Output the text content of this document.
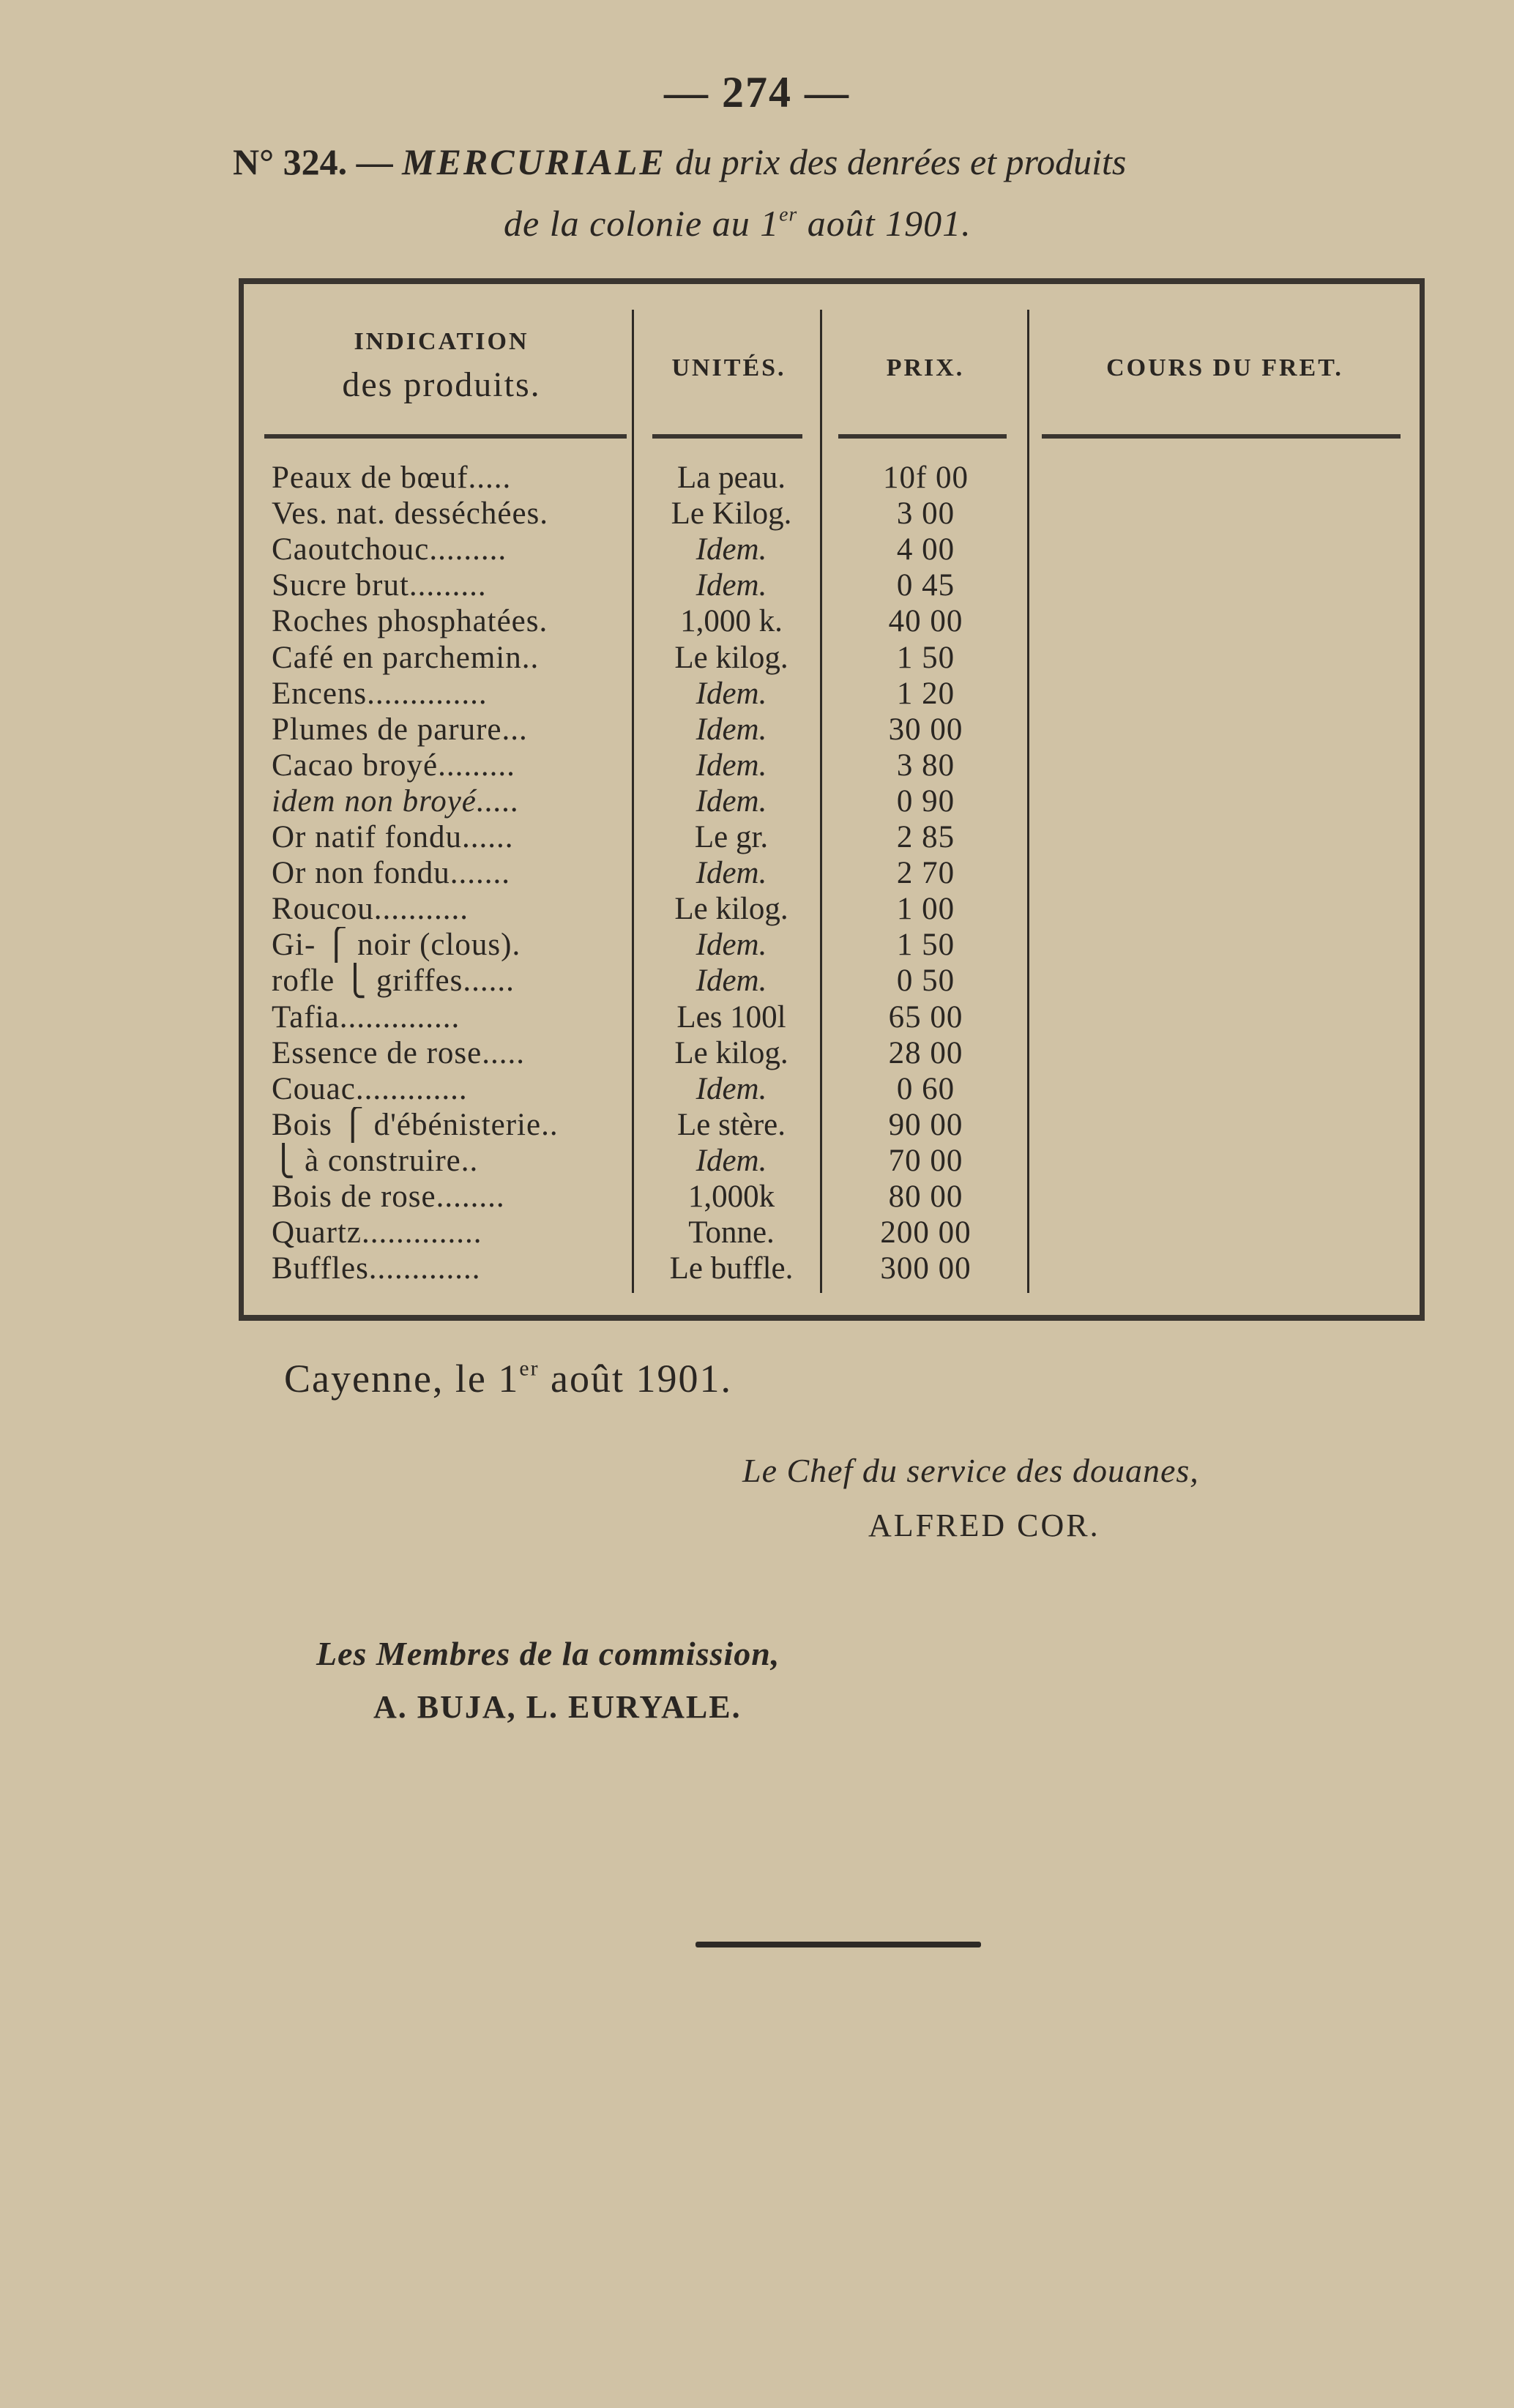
— 274 —
N° 324. — MERCURIALE du prix des denrées et produits
de la colonie au 1er août 1901.
INDICATION
des produits.	UNITÉS.	PRIX.	COURS DU FRET.
Peaux de bœuf.....	La peau.	10f 00
Ves. nat. desséchées.	Le Kilog.	3 00
Caoutchouc.........	Idem.	4 00
Sucre brut.........	Idem.	0 45
Roches phosphatées.	1,000 k.	40 00
Café en parchemin..	Le kilog.	1 50
Encens..............	Idem.	1 20
Plumes de parure...	Idem.	30 00
Cacao broyé.........	Idem.	3 80
idem non broyé.....	Idem.	0 90
Or natif fondu......	Le gr.	2 85
Or non fondu.......	Idem.	2 70
Roucou...........	Le kilog.	1 00
Gi- ⎧ noir (clous).	Idem.	1 50
rofle ⎩ griffes......	Idem.	0 50
Tafia..............	Les 100l	65 00
Essence de rose.....	Le kilog.	28 00
Couac.............	Idem.	0 60
Bois ⎧ d'ébénisterie..	Le stère.	90 00
⎩ à construire..	Idem.	70 00
Bois de rose........	1,000k	80 00
Quartz..............	Tonne.	200 00
Buffles.............	Le buffle.	300 00
Cayenne, le 1er août 1901.
Le Chef du service des douanes,
ALFRED COR.
Les Membres de la commission,
A. BUJA, L. EURYALE.
